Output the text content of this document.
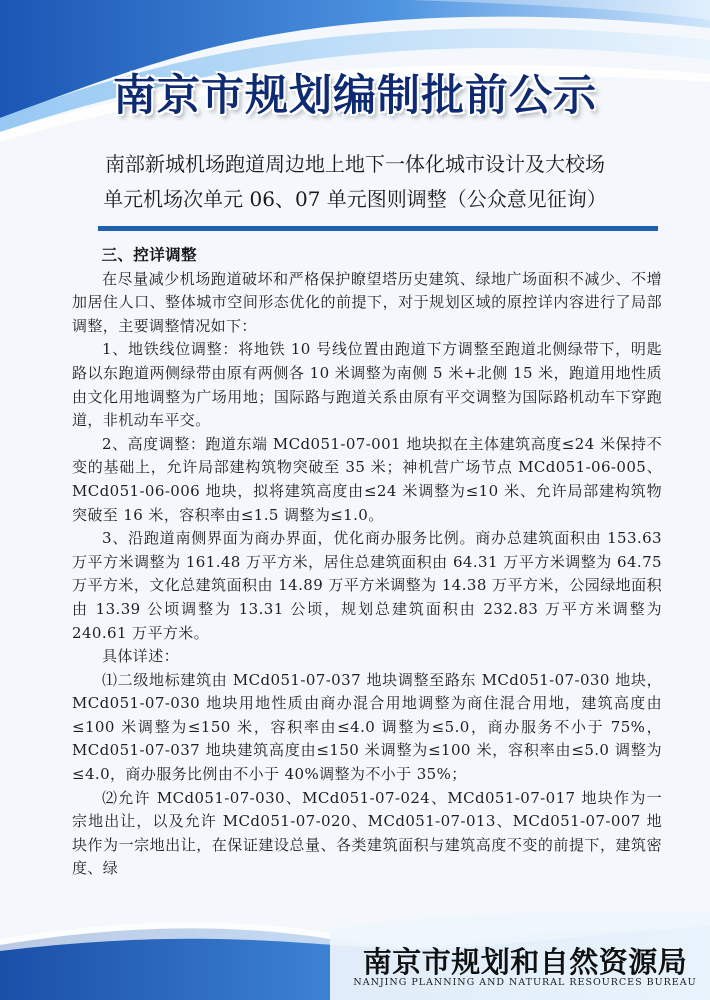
南京市规划编制批前公示
南部新城机场跑道周边地上地下一体化城市设计及大校场
单元机场次单元 06、07 单元图则调整（公众意见征询）

三、控详调整

在尽量减少机场跑道破坏和严格保护瞭望塔历史建筑、绿地广场面积不减少、不增加居住人口、整体城市空间形态优化的前提下，对于规划区域的原控详内容进行了局部调整，主要调整情况如下：

1、地铁线位调整：将地铁 10 号线位置由跑道下方调整至跑道北侧绿带下，明匙路以东跑道两侧绿带由原有两侧各 10 米调整为南侧 5 米+北侧 15 米，跑道用地性质由文化用地调整为广场用地；国际路与跑道关系由原有平交调整为国际路机动车下穿跑道，非机动车平交。

2、高度调整：跑道东端 MCd051-07-001 地块拟在主体建筑高度≤24 米保持不变的基础上，允许局部建构筑物突破至 35 米；神机营广场节点 MCd051-06-005、MCd051-06-006 地块，拟将建筑高度由≤24 米调整为≤10 米、允许局部建构筑物突破至 16 米，容积率由≤1.5 调整为≤1.0。

3、沿跑道南侧界面为商办界面，优化商办服务比例。商办总建筑面积由 153.63 万平方米调整为 161.48 万平方米，居住总建筑面积由 64.31 万平方米调整为 64.75 万平方米，文化总建筑面积由 14.89 万平方米调整为 14.38 万平方米，公园绿地面积由 13.39 公顷调整为 13.31 公顷，规划总建筑面积由 232.83 万平方米调整为 240.61 万平方米。

具体详述：

⑴二级地标建筑由 MCd051-07-037 地块调整至路东 MCd051-07-030 地块，MCd051-07-030 地块用地性质由商办混合用地调整为商住混合用地，建筑高度由≤100 米调整为≤150 米，容积率由≤4.0 调整为≤5.0，商办服务不小于 75%，MCd051-07-037 地块建筑高度由≤150 米调整为≤100 米，容积率由≤5.0 调整为≤4.0，商办服务比例由不小于 40%调整为不小于 35%；

⑵允许 MCd051-07-030、MCd051-07-024、MCd051-07-017 地块作为一宗地出让，以及允许 MCd051-07-020、MCd051-07-013、MCd051-07-007 地块作为一宗地出让，在保证建设总量、各类建筑面积与建筑高度不变的前提下，建筑密度、绿

南京市规划和自然资源局
NANJING PLANNING AND NATURAL RESOURCES BUREAU
